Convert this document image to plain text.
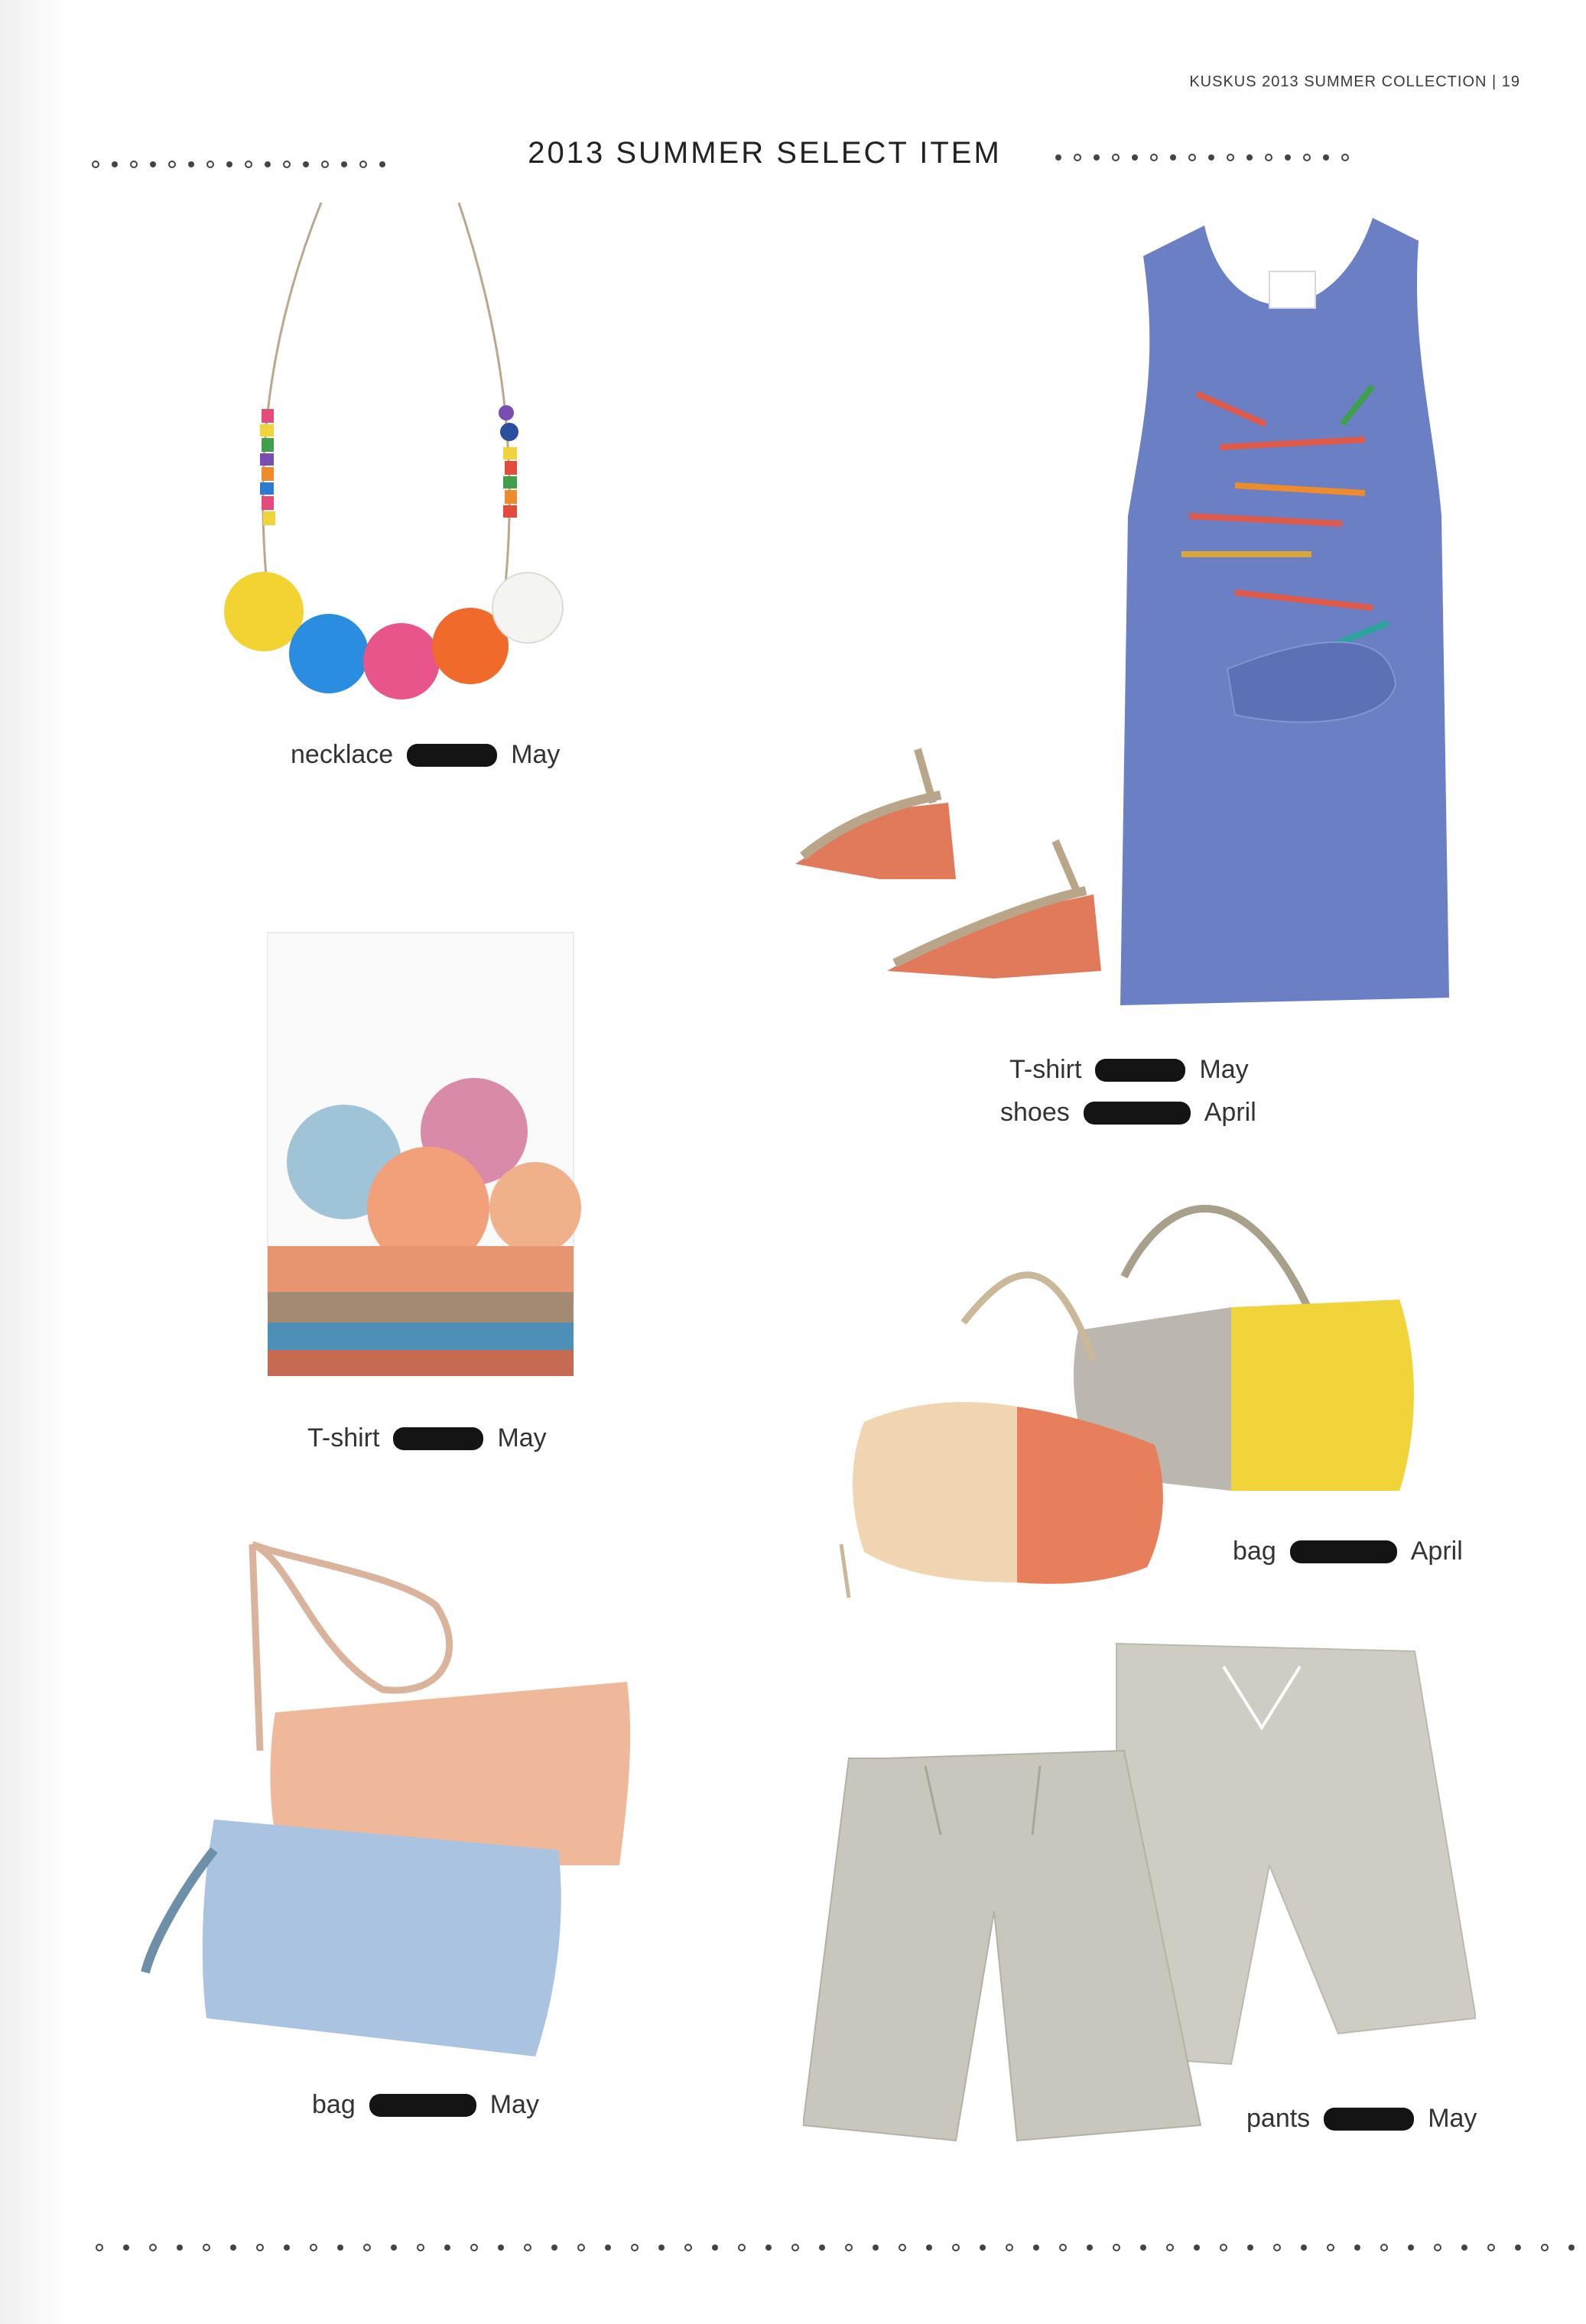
KUSKUS 2013 SUMMER COLLECTION | 19
2013 SUMMER SELECT ITEM
necklace	May
T-shirt	May
shoes	April
T-shirt	May
bag	April
bag	May	pants	May
